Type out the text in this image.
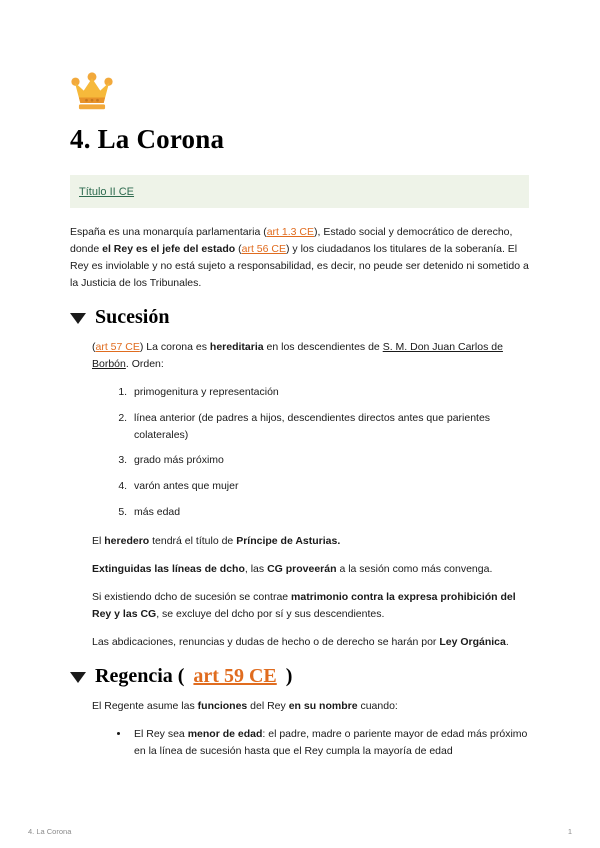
4. La Corona
Título II CE

España es una monarquía parlamentaria (art 1.3 CE), Estado social y democrático de derecho, donde el Rey es el jefe del estado (art 56 CE) y los ciudadanos los titulares de la soberanía. El Rey es inviolable y no está sujeto a responsabilidad, es decir, no peude ser detenido ni sometido a la Justicia de los Tribunales.

Sucesión

(art 57 CE) La corona es hereditaria en los descendientes de S. M. Don Juan Carlos de Borbón. Orden:

1. primogenitura y representación
2. línea anterior (de padres a hijos, descendientes directos antes que parientes colaterales)
3. grado más próximo
4. varón antes que mujer
5. más edad

El heredero tendrá el título de Príncipe de Asturias.

Extinguidas las líneas de dcho, las CG proveerán a la sesión como más convenga.

Si existiendo dcho de sucesión se contrae matrimonio contra la expresa prohibición del Rey y las CG, se excluye del dcho por sí y sus descendientes.

Las abdicaciones, renuncias y dudas de hecho o de derecho se harán por Ley Orgánica.

Regencia ( art 59 CE )

El Regente asume las funciones del Rey en su nombre cuando:

• El Rey sea menor de edad: el padre, madre o pariente mayor de edad más próximo en la línea de sucesión hasta que el Rey cumpla la mayoría de edad
4. La Corona	1
